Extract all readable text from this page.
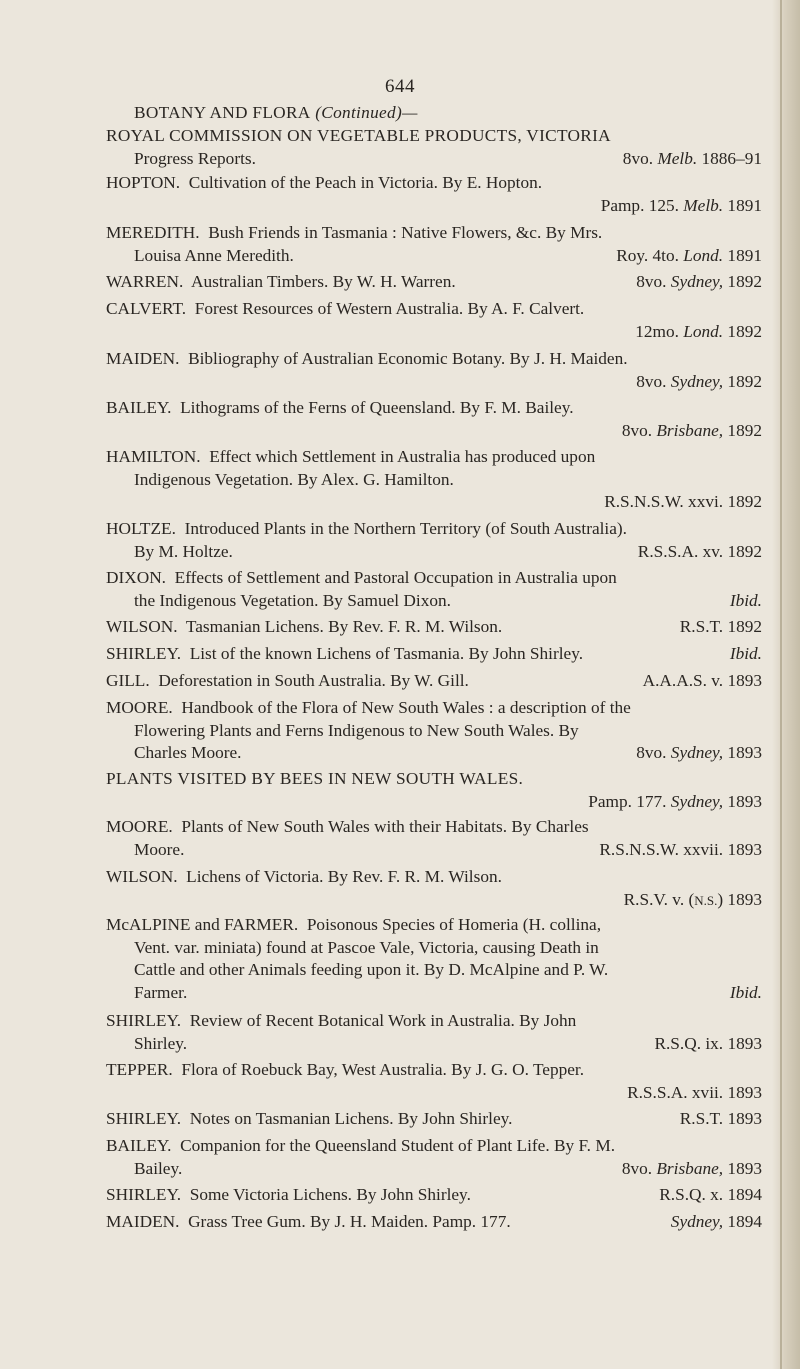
644
BOTANY AND FLORA (Continued)—
ROYAL COMMISSION ON VEGETABLE PRODUCTS, VICTORIA
Progress Reports.	8vo. Melb. 1886–91
HOPTON. Cultivation of the Peach in Victoria. By E. Hopton.
Pamp. 125. Melb. 1891
MEREDITH. Bush Friends in Tasmania : Native Flowers, &c. By Mrs.
Louisa Anne Meredith.	Roy. 4to. Lond. 1891
WARREN. Australian Timbers. By W. H. Warren.	8vo. Sydney, 1892
CALVERT. Forest Resources of Western Australia. By A. F. Calvert.
12mo. Lond. 1892
MAIDEN. Bibliography of Australian Economic Botany. By J. H. Maiden.
8vo. Sydney, 1892
BAILEY. Lithograms of the Ferns of Queensland. By F. M. Bailey.
8vo. Brisbane, 1892
HAMILTON. Effect which Settlement in Australia has produced upon
Indigenous Vegetation. By Alex. G. Hamilton.
R.S.N.S.W. xxvi. 1892
HOLTZE. Introduced Plants in the Northern Territory (of South Australia).
By M. Holtze.	R.S.S.A. xv. 1892
DIXON. Effects of Settlement and Pastoral Occupation in Australia upon
the Indigenous Vegetation. By Samuel Dixon.	Ibid.
WILSON. Tasmanian Lichens. By Rev. F. R. M. Wilson.	R.S.T. 1892
SHIRLEY. List of the known Lichens of Tasmania. By John Shirley.	Ibid.
GILL. Deforestation in South Australia. By W. Gill.	A.A.A.S. v. 1893
MOORE. Handbook of the Flora of New South Wales : a description of the
Flowering Plants and Ferns Indigenous to New South Wales. By
Charles Moore.	8vo. Sydney, 1893
PLANTS VISITED BY BEES IN NEW SOUTH WALES.
Pamp. 177. Sydney, 1893
MOORE. Plants of New South Wales with their Habitats. By Charles
Moore.	R.S.N.S.W. xxvii. 1893
WILSON. Lichens of Victoria. By Rev. F. R. M. Wilson.
R.S.V. v. (N.S.) 1893
McALPINE and FARMER. Poisonous Species of Homeria (H. collina,
Vent. var. miniata) found at Pascoe Vale, Victoria, causing Death in
Cattle and other Animals feeding upon it. By D. McAlpine and P. W.
Farmer.	Ibid.
SHIRLEY. Review of Recent Botanical Work in Australia. By John
Shirley.	R.S.Q. ix. 1893
TEPPER. Flora of Roebuck Bay, West Australia. By J. G. O. Tepper.
R.S.S.A. xvii. 1893
SHIRLEY. Notes on Tasmanian Lichens. By John Shirley.	R.S.T. 1893
BAILEY. Companion for the Queensland Student of Plant Life. By F. M.
Bailey.	8vo. Brisbane, 1893
SHIRLEY. Some Victoria Lichens. By John Shirley.	R.S.Q. x. 1894
MAIDEN. Grass Tree Gum. By J. H. Maiden. Pamp. 177.	Sydney, 1894
